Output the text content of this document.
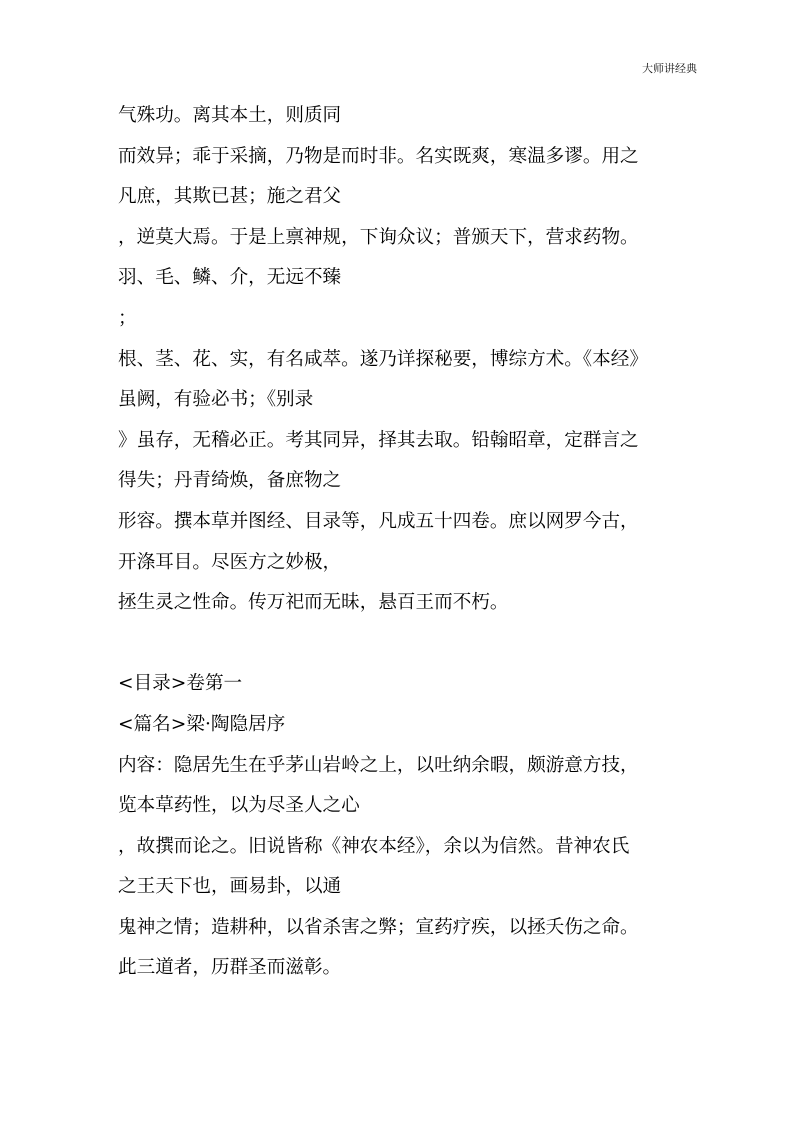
大师讲经典
气殊功。离其本土，则质同
而效异；乖于采摘，乃物是而时非。名实既爽，寒温多谬。用之
凡庶，其欺已甚；施之君父
，逆莫大焉。于是上禀神规，下询众议；普颁天下，营求药物。
羽、毛、鳞、介，无远不臻
；
根、茎、花、实，有名咸萃。遂乃详探秘要，博综方术。《本经》
虽阙，有验必书；《别录
》虽存，无稽必正。考其同异，择其去取。铅翰昭章，定群言之
得失；丹青绮焕，备庶物之
形容。撰本草并图经、目录等，凡成五十四卷。庶以网罗今古，
开涤耳目。尽医方之妙极，
拯生灵之性命。传万祀而无昧，悬百王而不朽。
<目录>卷第一
<篇名>梁·陶隐居序
内容：隐居先生在乎茅山岩岭之上，以吐纳余暇，颇游意方技，
览本草药性，以为尽圣人之心
，故撰而论之。旧说皆称《神农本经》，余以为信然。昔神农氏
之王天下也，画易卦，以通
鬼神之情；造耕种，以省杀害之弊；宣药疗疾，以拯夭伤之命。
此三道者，历群圣而滋彰。
